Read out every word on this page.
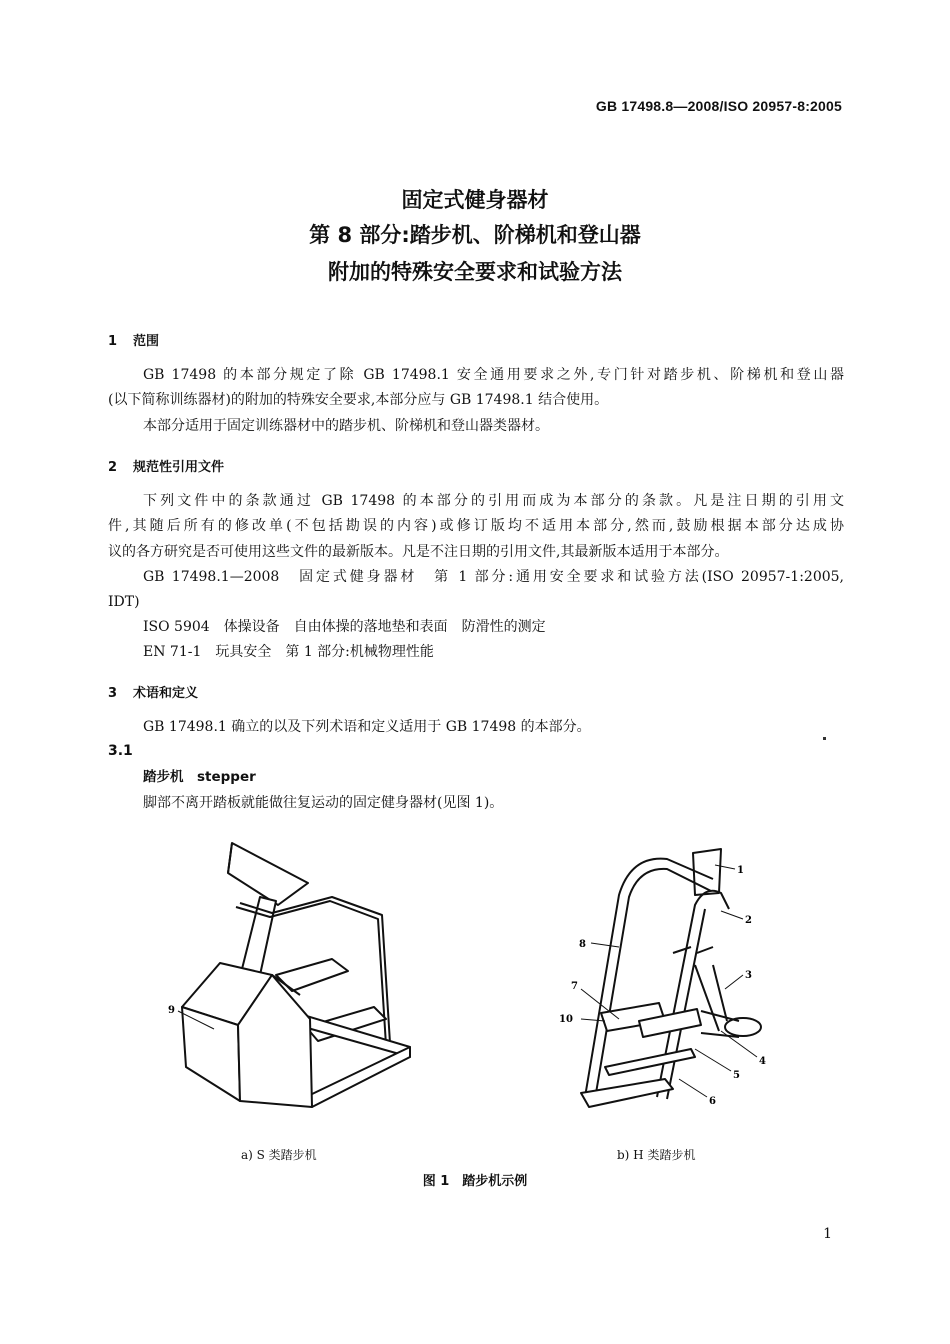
GB 17498.8—2008/ISO 20957-8:2005
固定式健身器材
第 8 部分:踏步机、阶梯机和登山器
附加的特殊安全要求和试验方法
1 范围
GB 17498 的本部分规定了除 GB 17498.1 安全通用要求之外,专门针对踏步机、阶梯机和登山器
(以下简称训练器材)的附加的特殊安全要求,本部分应与 GB 17498.1 结合使用。
本部分适用于固定训练器材中的踏步机、阶梯机和登山器类器材。
2 规范性引用文件
下列文件中的条款通过 GB 17498 的本部分的引用而成为本部分的条款。凡是注日期的引用文
件,其随后所有的修改单(不包括勘误的内容)或修订版均不适用本部分,然而,鼓励根据本部分达成协
议的各方研究是否可使用这些文件的最新版本。凡是不注日期的引用文件,其最新版本适用于本部分。
GB 17498.1—2008　固定式健身器材　第 1 部分:通用安全要求和试验方法(ISO 20957-1:2005,
IDT)
ISO 5904　体操设备　自由体操的落地垫和表面　防滑性的测定
EN 71-1　玩具安全　第 1 部分:机械物理性能
3 术语和定义
GB 17498.1 确立的以及下列术语和定义适用于 GB 17498 的本部分。
3.1
踏步机　stepper
脚部不离开踏板就能做往复运动的固定健身器材(见图 1)。
9
a) S 类踏步机
1
2
3
4
5
6
7
8
10
b) H 类踏步机
图 1　踏步机示例
1
